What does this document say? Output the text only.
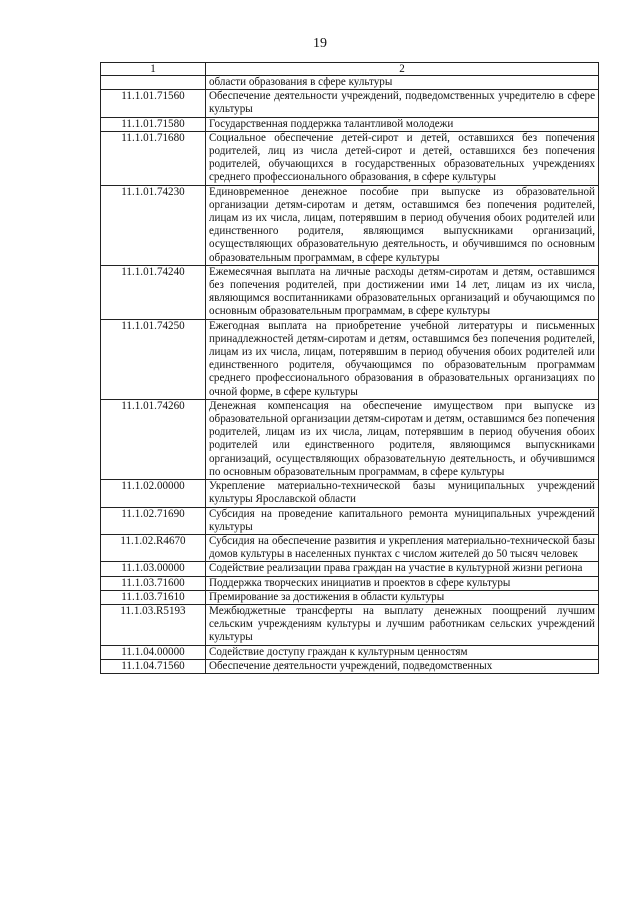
19
1	2
	области образования в сфере культуры
11.1.01.71560	Обеспечение деятельности учреждений, подведомственных учредителю в сфере культуры
11.1.01.71580	Государственная поддержка талантливой молодежи
11.1.01.71680	Социальное обеспечение детей-сирот и детей, оставшихся без попечения родителей, лиц из числа детей-сирот и детей, оставшихся без попечения родителей, обучающихся в государственных образовательных учреждениях среднего профессионального образования, в сфере культуры
11.1.01.74230	Единовременное денежное пособие при выпуске из образовательной организации детям-сиротам и детям, оставшимся без попечения родителей, лицам из их числа, лицам, потерявшим в период обучения обоих родителей или единственного родителя, являющимся выпускниками организаций, осуществляющих образовательную деятельность, и обучившимся по основным образовательным программам, в сфере культуры
11.1.01.74240	Ежемесячная выплата на личные расходы детям-сиротам и детям, оставшимся без попечения родителей, при достижении ими 14 лет, лицам из их числа, являющимся воспитанниками образовательных организаций и обучающимся по основным образовательным программам, в сфере культуры
11.1.01.74250	Ежегодная выплата на приобретение учебной литературы и письменных принадлежностей детям-сиротам и детям, оставшимся без попечения родителей, лицам из их числа, лицам, потерявшим в период обучения обоих родителей или единственного родителя, обучающимся по образовательным программам среднего профессионального образования в образовательных организациях по очной форме, в сфере культуры
11.1.01.74260	Денежная компенсация на обеспечение имуществом при выпуске из образовательной организации детям-сиротам и детям, оставшимся без попечения родителей, лицам из их числа, лицам, потерявшим в период обучения обоих родителей или единственного родителя, являющимся выпускниками организаций, осуществляющих образовательную деятельность, и обучившимся по основным образовательным программам, в сфере культуры
11.1.02.00000	Укрепление материально-технической базы муниципальных учреждений культуры Ярославской области
11.1.02.71690	Субсидия на проведение капитального ремонта муниципальных учреждений культуры
11.1.02.R4670	Субсидия на обеспечение развития и укрепления материально-технической базы домов культуры в населенных пунктах с числом жителей до 50 тысяч человек
11.1.03.00000	Содействие реализации права граждан на участие в культурной жизни региона
11.1.03.71600	Поддержка творческих инициатив и проектов в сфере культуры
11.1.03.71610	Премирование за достижения в области культуры
11.1.03.R5193	Межбюджетные трансферты на выплату денежных поощрений лучшим сельским учреждениям культуры и лучшим работникам сельских учреждений культуры
11.1.04.00000	Содействие доступу граждан к культурным ценностям
11.1.04.71560	Обеспечение деятельности учреждений, подведомственных
